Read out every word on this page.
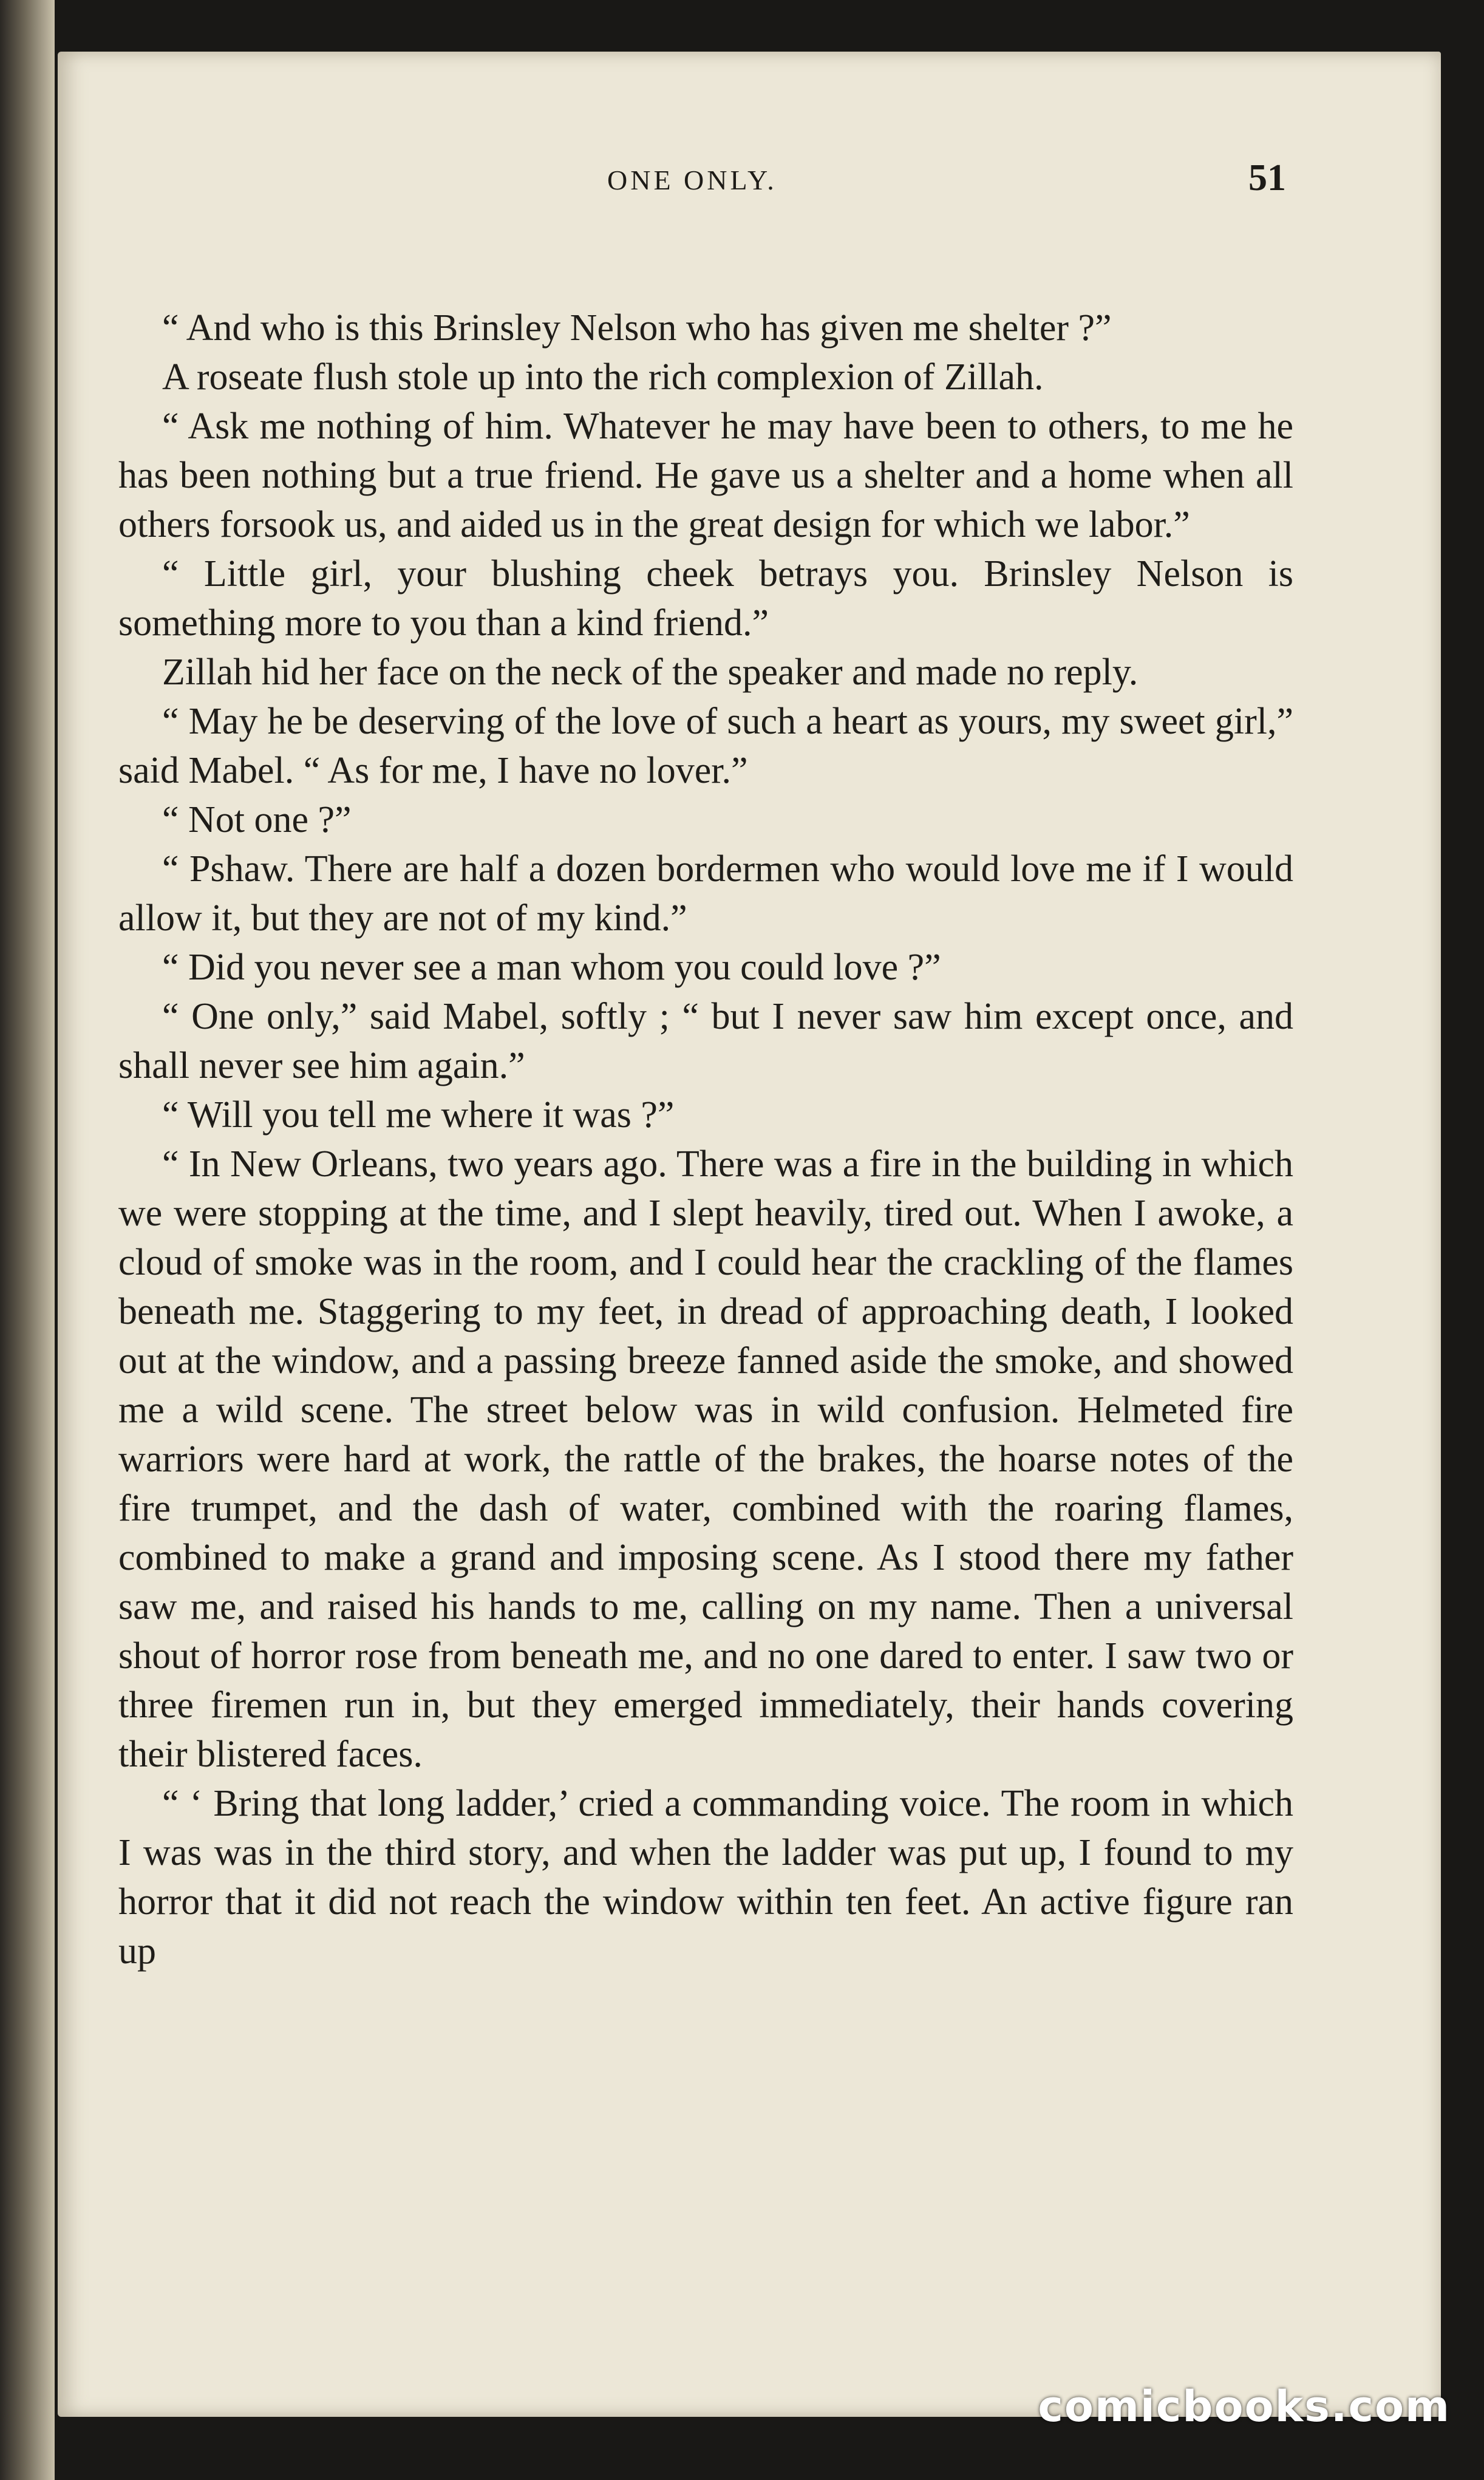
ONE ONLY.	51

“ And who is this Brinsley Nelson who has given me shelter ?”

A roseate flush stole up into the rich complexion of Zillah.

“ Ask me nothing of him. Whatever he may have been to others, to me he has been nothing but a true friend. He gave us a shelter and a home when all others forsook us, and aided us in the great design for which we labor.”

“ Little girl, your blushing cheek betrays you. Brinsley Nelson is something more to you than a kind friend.”

Zillah hid her face on the neck of the speaker and made no reply.

“ May he be deserving of the love of such a heart as yours, my sweet girl,” said Mabel. “ As for me, I have no lover.”

“ Not one ?”

“ Pshaw. There are half a dozen bordermen who would love me if I would allow it, but they are not of my kind.”

“ Did you never see a man whom you could love ?”

“ One only,” said Mabel, softly ; “ but I never saw him except once, and shall never see him again.”

“ Will you tell me where it was ?”

“ In New Orleans, two years ago. There was a fire in the building in which we were stopping at the time, and I slept heavily, tired out. When I awoke, a cloud of smoke was in the room, and I could hear the crackling of the flames beneath me. Staggering to my feet, in dread of approaching death, I looked out at the window, and a passing breeze fanned aside the smoke, and showed me a wild scene. The street below was in wild confusion. Helmeted fire warriors were hard at work, the rattle of the brakes, the hoarse notes of the fire trumpet, and the dash of water, combined with the roaring flames, combined to make a grand and imposing scene. As I stood there my father saw me, and raised his hands to me, calling on my name. Then a universal shout of horror rose from beneath me, and no one dared to enter. I saw two or three firemen run in, but they emerged immediately, their hands covering their blistered faces.

“ ‘ Bring that long ladder,’ cried a commanding voice. The room in which I was was in the third story, and when the ladder was put up, I found to my horror that it did not reach the window within ten feet. An active figure ran up

comicbooks.com
